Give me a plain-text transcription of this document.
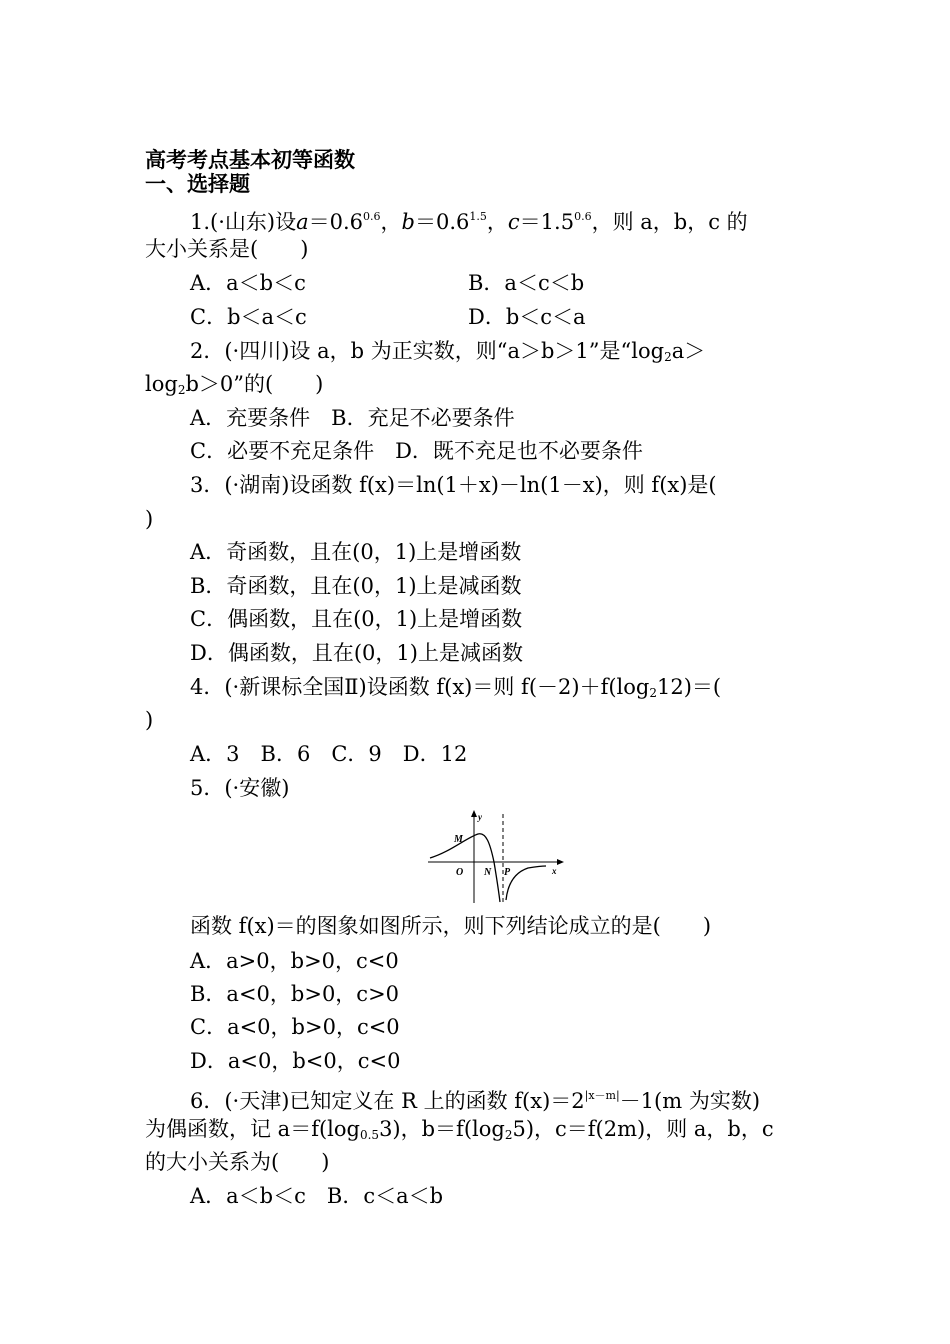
高考考点基本初等函数
一、选择题
1.(·山东)设$a=0.6^{0.6}$，$b=0.6^{1.5}$，$c=1.5^{0.6}$，则 a，b，c 的
大小关系是(　　)
A．a＜b＜c	B．a＜c＜b
C．b＜a＜c	D．b＜c＜a
2．(·四川)设 a，b 为正实数，则“a＞b＞1”是“$\log_2a>$
$\log_2b>0$”的(　　)
A．充要条件　B．充足不必要条件
C．必要不充足条件　D．既不充足也不必要条件
3．(·湖南)设函数 f(x)＝ln(1＋x)－ln(1－x)，则 f(x)是(
)
A．奇函数，且在(0，1)上是增函数
B．奇函数，且在(0，1)上是减函数
C．偶函数，且在(0，1)上是增函数
D．偶函数，且在(0，1)上是减函数
4．(·新课标全国Ⅱ)设函数 f(x)＝则 $f(-2)+f(\log_212)=$(
)
A．3　B．6　C．9　D．12
5．(·安徽)
y
M
O N P	x
函数 f(x)＝的图象如图所示，则下列结论成立的是(　　)
A．a>0，b>0，c<0
B．a<0，b>0，c>0
C．a<0，b>0，c<0
D．a<0，b<0，c<0
6．(·天津)已知定义在 R 上的函数 $f(x)=2^{|x-m|}-1(m$ 为实数)
为偶函数，记 $a=f(\log_{0.5}3)$，$b=f(\log_25)$，c＝f(2m)，则 a，b，c
的大小关系为(　　)
A．a＜b＜c　B．c＜a＜b
